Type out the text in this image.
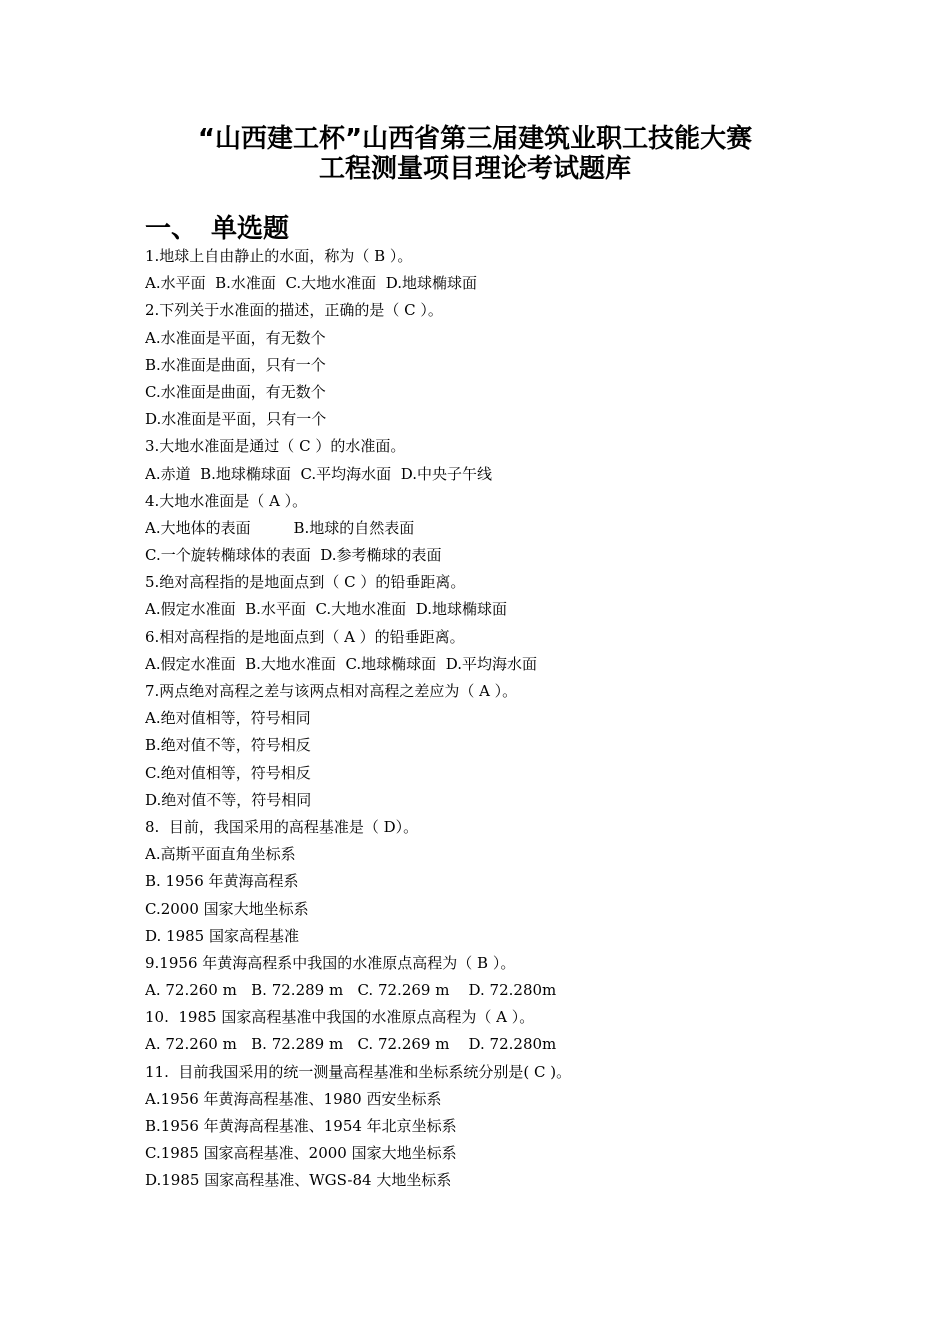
“山西建工杯”山西省第三届建筑业职工技能大赛
工程测量项目理论考试题库
一、 单选题
1.地球上自由静止的水面，称为（ B ）。
A.水平面  B.水准面  C.大地水准面  D.地球椭球面
2.下列关于水准面的描述，正确的是（ C ）。
A.水准面是平面，有无数个
B.水准面是曲面，只有一个
C.水准面是曲面，有无数个
D.水准面是平面，只有一个
3.大地水准面是通过（ C ）的水准面。
A.赤道  B.地球椭球面  C.平均海水面  D.中央子午线
4.大地水准面是（ A ）。
A.大地体的表面         B.地球的自然表面
C.一个旋转椭球体的表面  D.参考椭球的表面
5.绝对高程指的是地面点到（ C ）的铅垂距离。
A.假定水准面  B.水平面  C.大地水准面  D.地球椭球面
6.相对高程指的是地面点到（ A ）的铅垂距离。
A.假定水准面  B.大地水准面  C.地球椭球面  D.平均海水面
7.两点绝对高程之差与该两点相对高程之差应为（ A ）。
A.绝对值相等，符号相同
B.绝对值不等，符号相反
C.绝对值相等，符号相反
D.绝对值不等，符号相同
8.  目前，我国采用的高程基准是（ D）。
A.高斯平面直角坐标系
B. 1956 年黄海高程系
C.2000 国家大地坐标系
D. 1985 国家高程基准
9.1956 年黄海高程系中我国的水准原点高程为（ B ）。
A. 72.260 m   B. 72.289 m   C. 72.269 m    D. 72.280m
10.  1985 国家高程基准中我国的水准原点高程为（ A ）。
A. 72.260 m   B. 72.289 m   C. 72.269 m    D. 72.280m
11.  目前我国采用的统一测量高程基准和坐标系统分别是( C )。
A.1956 年黄海高程基准、1980 西安坐标系
B.1956 年黄海高程基准、1954 年北京坐标系
C.1985 国家高程基准、2000 国家大地坐标系
D.1985 国家高程基准、WGS-84 大地坐标系
